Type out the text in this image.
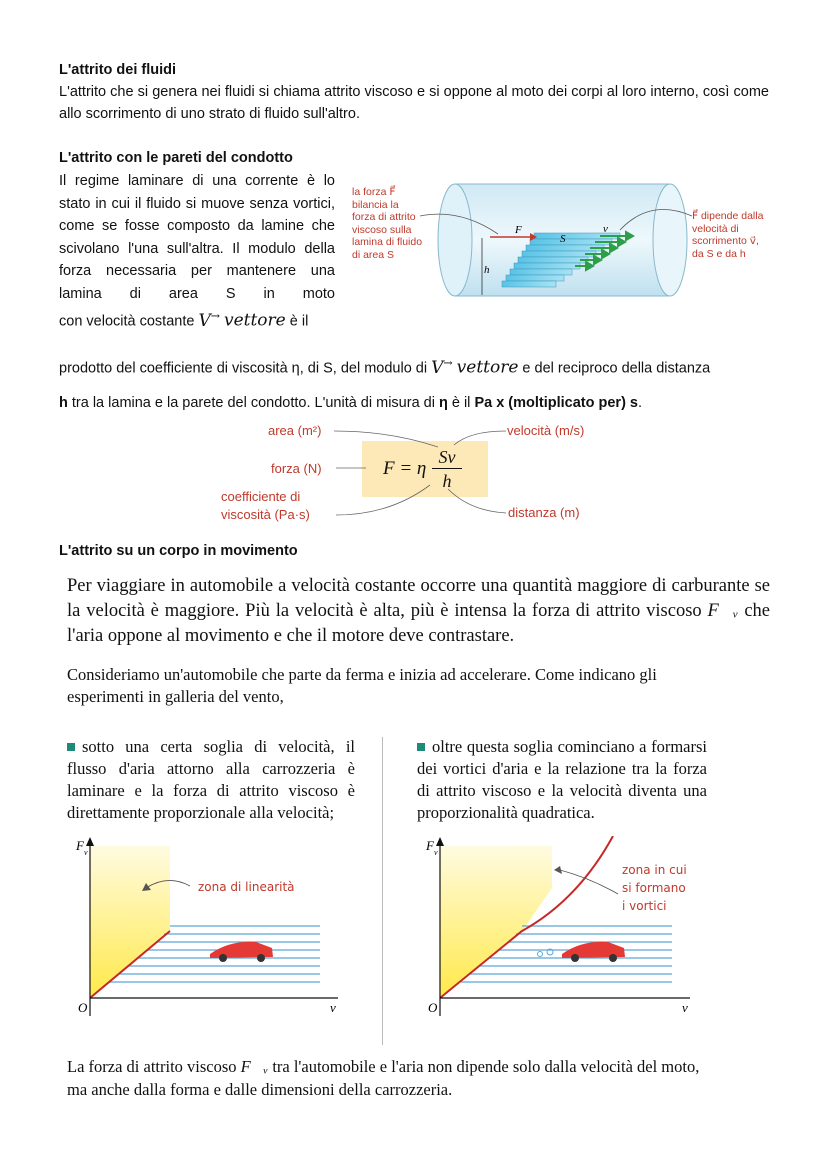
L'attrito dei fluidi
L'attrito che si genera nei fluidi si chiama attrito viscoso e si oppone al moto dei corpi al loro interno, così come allo scorrimento di uno strato di fluido sull'altro.
L'attrito con le pareti del condotto
Il regime laminare di una corrente è lo stato in cui il fluido si muove senza vortici, come se fosse composto da lamine che scivolano l'una sull'altra. Il modulo della forza necessaria per mantenere una lamina di area S in moto
con velocità costante V→ vettore è il
prodotto del coefficiente di viscosità η, di S, del modulo di V→ vettore e del reciproco della distanza
h tra la lamina e la parete del condotto. L'unità di misura di η è il Pa x (moltiplicato per) s.
la forza F⃗
bilancia la
forza di attrito
viscoso sulla
lamina di fluido
di area S
F⃗ dipende dalla
velocità di
scorrimento v⃗,
da S e da h
F
S
v
h
F = η
Sv
h
area (m²)
forza (N)
coefficiente di
viscosità (Pa·s)
velocità (m/s)
distanza (m)
L'attrito su un corpo in movimento
Per viaggiare in automobile a velocità costante occorre una quantità maggiore di carburante se la velocità è maggiore. Più la velocità è alta, più è intensa la forza di attrito viscoso F⃗ᵥ che l'aria oppone al movimento e che il motore deve contrastare.
Consideriamo un'automobile che parte da ferma e inizia ad accelerare. Come indicano gli esperimenti in galleria del vento,
sotto una certa soglia di velocità, il flusso d'aria attorno alla carrozzeria è laminare e la forza di attrito viscoso è direttamente proporzionale alla velocità;
oltre questa soglia cominciano a formarsi dei vortici d'aria e la relazione tra la forza di attrito viscoso e la velocità diventa una proporzionalità quadratica.
F v
v
O
zona di linearità
F v
v
O
zona in cui
si formano
i vortici
La forza di attrito viscoso F⃗ᵥ tra l'automobile e l'aria non dipende solo dalla velocità del moto, ma anche dalla forma e dalle dimensioni della carrozzeria.
